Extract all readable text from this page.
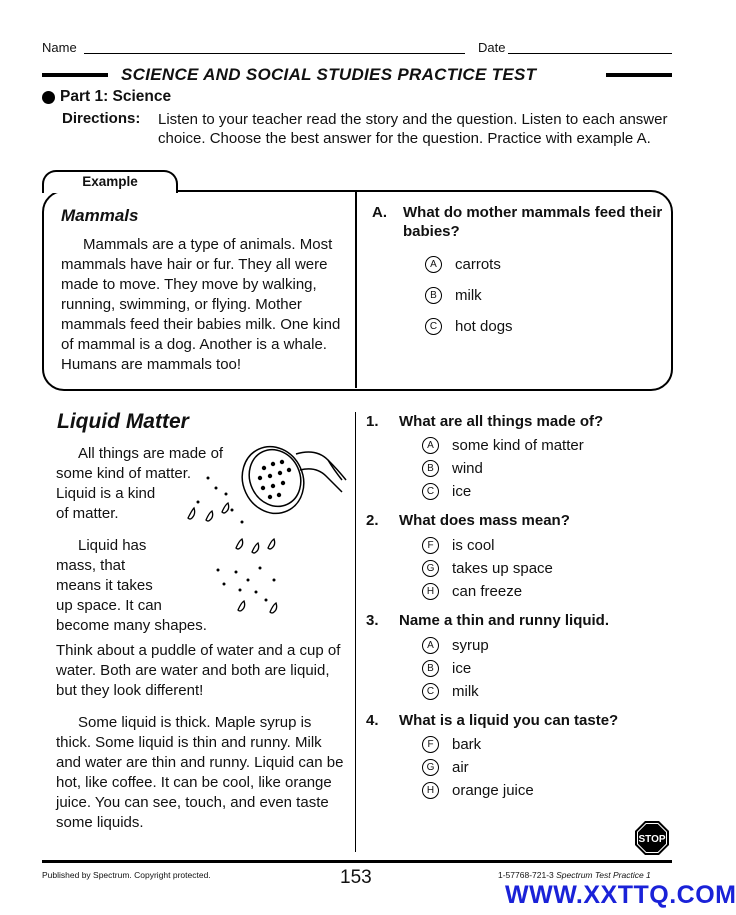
Name	Date
SCIENCE AND SOCIAL STUDIES PRACTICE TEST
Part 1: Science
Directions: Listen to your teacher read the story and the question. Listen to each answer choice. Choose the best answer for the question. Practice with example A.
Example
Mammals
Mammals are a type of animals. Most mammals have hair or fur. They all were made to move. They move by walking, running, swimming, or flying. Mother mammals feed their babies milk. One kind of mammal is a dog. Another is a whale. Humans are mammals too!
A. What do mother mammals feed their babies?
A	carrots
B	milk
C	hot dogs
Liquid Matter
All things are made of
some kind of matter.
Liquid is a kind
of matter.
Liquid has
mass, that
means it takes
up space. It can
become many shapes.
Think about a puddle of water and a cup of water. Both are water and both are liquid, but they look different!
Some liquid is thick. Maple syrup is thick. Some liquid is thin and runny. Milk and water are thin and runny. Liquid can be hot, like coffee. It can be cool, like orange juice. You can see, touch, and even taste some liquids.
1. What are all things made of?
A	some kind of matter
B	wind
C	ice
2. What does mass mean?
F	is cool
G	takes up space
H	can freeze
3. Name a thin and runny liquid.
A	syrup
B	ice
C	milk
4. What is a liquid you can taste?
F	bark
G	air
H	orange juice
STOP
Published by Spectrum. Copyright protected.	153	1-57768-721-3 Spectrum Test Practice 1
WWW.XXTTQ.COM
